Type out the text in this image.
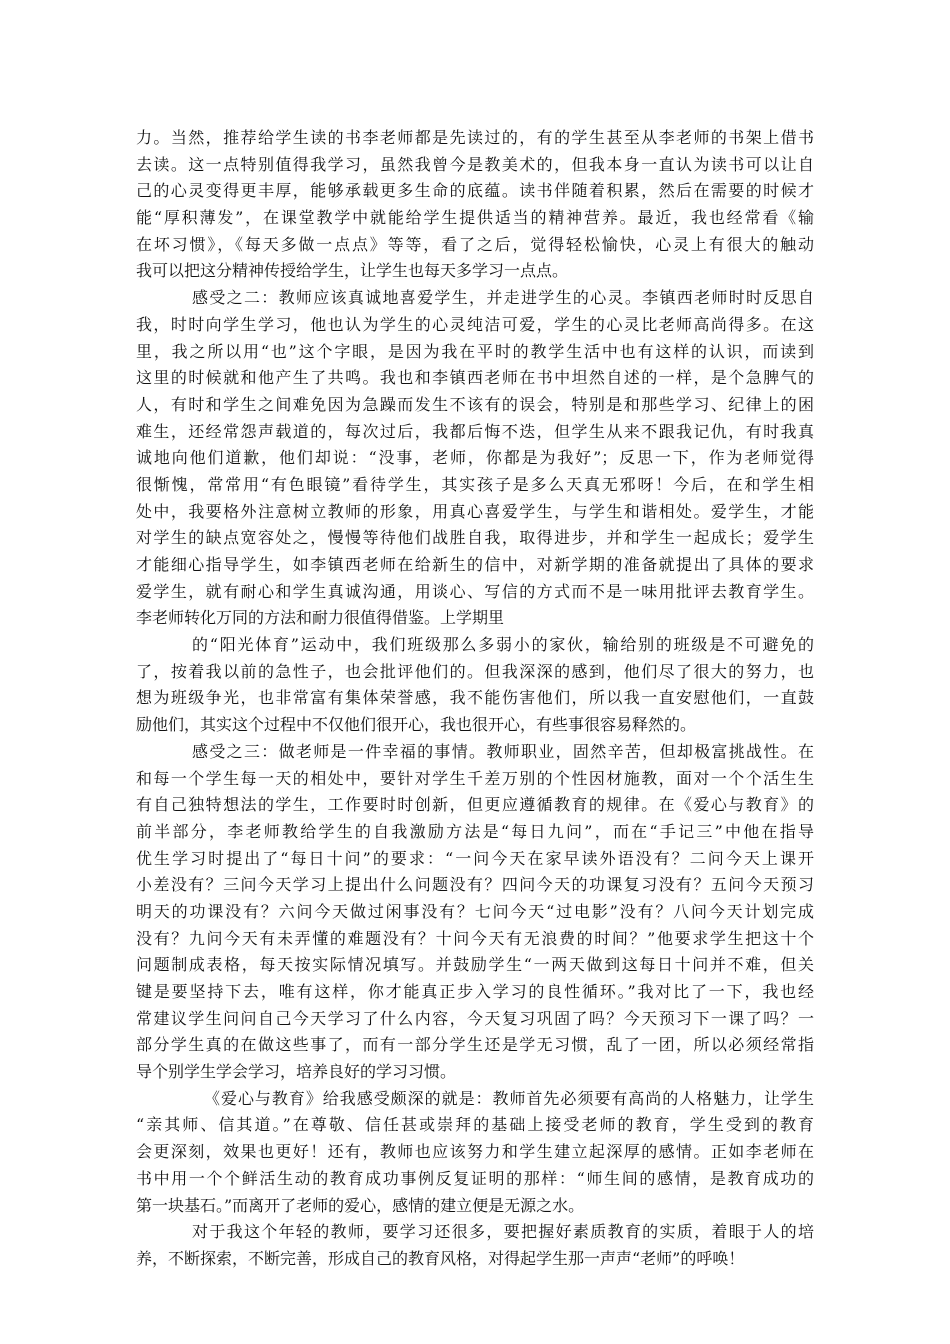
力。当然，推荐给学生读的书李老师都是先读过的，有的学生甚至从李老师的书架上借书
去读。这一点特别值得我学习，虽然我曾今是教美术的，但我本身一直认为读书可以让自
己的心灵变得更丰厚，能够承载更多生命的底蕴。读书伴随着积累，然后在需要的时候才
能“厚积薄发”，在课堂教学中就能给学生提供适当的精神营养。最近，我也经常看《输
在坏习惯》，《每天多做一点点》等等，看了之后，觉得轻松愉快，心灵上有很大的触动
我可以把这分精神传授给学生，让学生也每天多学习一点点。
感受之二：教师应该真诚地喜爱学生，并走进学生的心灵。李镇西老师时时反思自
我，时时向学生学习，他也认为学生的心灵纯洁可爱，学生的心灵比老师高尚得多。在这
里，我之所以用“也”这个字眼，是因为我在平时的教学生活中也有这样的认识，而读到
这里的时候就和他产生了共鸣。我也和李镇西老师在书中坦然自述的一样，是个急脾气的
人，有时和学生之间难免因为急躁而发生不该有的误会，特别是和那些学习、纪律上的困
难生，还经常怨声载道的，每次过后，我都后悔不迭，但学生从来不跟我记仇，有时我真
诚地向他们道歉，他们却说：“没事，老师，你都是为我好”；反思一下，作为老师觉得
很惭愧，常常用“有色眼镜”看待学生，其实孩子是多么天真无邪呀！今后，在和学生相
处中，我要格外注意树立教师的形象，用真心喜爱学生，与学生和谐相处。爱学生，才能
对学生的缺点宽容处之，慢慢等待他们战胜自我，取得进步，并和学生一起成长；爱学生
才能细心指导学生，如李镇西老师在给新生的信中，对新学期的准备就提出了具体的要求
爱学生，就有耐心和学生真诚沟通，用谈心、写信的方式而不是一味用批评去教育学生。
李老师转化万同的方法和耐力很值得借鉴。上学期里
的“阳光体育”运动中，我们班级那么多弱小的家伙，输给别的班级是不可避免的
了，按着我以前的急性子，也会批评他们的。但我深深的感到，他们尽了很大的努力，也
想为班级争光，也非常富有集体荣誉感，我不能伤害他们，所以我一直安慰他们，一直鼓
励他们，其实这个过程中不仅他们很开心，我也很开心，有些事很容易释然的。
感受之三：做老师是一件幸福的事情。教师职业，固然辛苦，但却极富挑战性。在
和每一个学生每一天的相处中，要针对学生千差万别的个性因材施教，面对一个个活生生
有自己独特想法的学生，工作要时时创新，但更应遵循教育的规律。在《爱心与教育》的
前半部分，李老师教给学生的自我激励方法是“每日九问”，而在“手记三”中他在指导
优生学习时提出了“每日十问”的要求：“一问今天在家早读外语没有？二问今天上课开
小差没有？三问今天学习上提出什么问题没有？四问今天的功课复习没有？五问今天预习
明天的功课没有？六问今天做过闲事没有？七问今天“过电影”没有？八问今天计划完成
没有？九问今天有未弄懂的难题没有？十问今天有无浪费的时间？”他要求学生把这十个
问题制成表格，每天按实际情况填写。并鼓励学生“一两天做到这每日十问并不难，但关
键是要坚持下去，唯有这样，你才能真正步入学习的良性循环。”我对比了一下，我也经
常建议学生问问自己今天学习了什么内容，今天复习巩固了吗？今天预习下一课了吗？一
部分学生真的在做这些事了，而有一部分学生还是学无习惯，乱了一团，所以必须经常指
导个别学生学会学习，培养良好的学习习惯。
《爱心与教育》给我感受颇深的就是：教师首先必须要有高尚的人格魅力，让学生
“亲其师、信其道。”在尊敬、信任甚或崇拜的基础上接受老师的教育，学生受到的教育
会更深刻，效果也更好！还有，教师也应该努力和学生建立起深厚的感情。正如李老师在
书中用一个个鲜活生动的教育成功事例反复证明的那样：“师生间的感情，是教育成功的
第一块基石。”而离开了老师的爱心，感情的建立便是无源之水。
对于我这个年轻的教师，要学习还很多，要把握好素质教育的实质，着眼于人的培
养，不断探索，不断完善，形成自己的教育风格，对得起学生那一声声“老师”的呼唤！
